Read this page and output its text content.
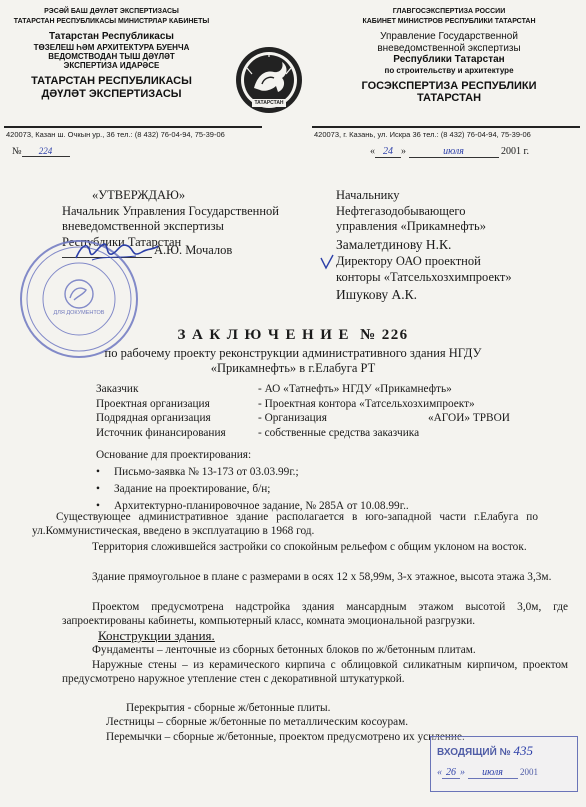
РЭСӘЙ БАШ ДӘҮЛӘТ ЭКСПЕРТИЗАСЫ
ТАТАРСТАН РЕСПУБЛИКАСЫ МИНИСТРЛАР КАБИНЕТЫ
Татарстан Республикасы
ТӨЗЕЛЕШ ҺӘМ АРХИТЕКТУРА БУЕНЧА
ВЕДОМСТВОДАН ТЫШ ДӘҮЛӘТ
ЭКСПЕРТИЗА ИДАРӘСЕ
ТАТАРСТАН РЕСПУБЛИКАСЫ
ДӘҮЛӘТ ЭКСПЕРТИЗАСЫ
ТАТАРСТАН
ГЛАВГОСЭКСПЕРТИЗА РОССИИ
КАБИНЕТ МИНИСТРОВ РЕСПУБЛИКИ ТАТАРСТАН
Управление Государственной
вневедомственной экспертизы
Республики Татарстан
по строительству и архитектуре
ГОСЭКСПЕРТИЗА РЕСПУБЛИКИ
ТАТАРСТАН
420073, Казан ш. Очкын ур., 36 тел.: (8 432) 76-04-94, 75-39-06	420073, г. Казань, ул. Искра 36 тел.: (8 432) 76-04-94, 75-39-06
№ 224	« 24 »	июля	2001 г.
«УТВЕРЖДАЮ»
Начальник Управления Государственной
вневедомственной экспертизы
Республики Татарстан
А.Ю. Мочалов
ДЛЯ ДОКУМЕНТОВ
Начальнику
Нефтегазодобывающего
управления «Прикамнефть»
Замалетдинову Н.К.
Директору ОАО проектной
конторы «Татсельхозхимпроект»
Ишукову А.К.
З А К Л Ю Ч Е Н И Е  № 226
по рабочему проекту реконструкции административного здания НГДУ
«Прикамнефть» в г.Елабуга РТ
Заказчик	- АО «Татнефть» НГДУ «Прикамнефть»
Проектная организация	- Проектная контора «Татсельхозхимпроект»
Подрядная организация	- Организация	«АГОИ» ТРВОИ
Источник финансирования	- собственные средства заказчика
Основание для проектирования:
• Письмо-заявка № 13-173 от 03.03.99г.;
• Задание на проектирование, б/н;
• Архитектурно-планировочное задание, № 285А от 10.08.99г..
Существующее административное здание располагается в юго-западной части г.Елабуга по ул.Коммунистическая, введено в эксплуатацию в 1968 год.
Территория сложившейся застройки со спокойным рельефом с общим уклоном на восток.
Здание прямоугольное в плане с размерами в осях 12 х 58,99м, 3-х этажное, высота этажа 3,3м.
Проектом предусмотрена надстройка здания мансардным этажом высотой 3,0м, где запроектированы кабинеты, компьютерный класс, комната эмоциональной разгрузки.
Конструкции здания.
Фундаменты – ленточные из сборных бетонных блоков по ж/бетонным плитам.
Наружные стены – из керамического кирпича с облицовкой силикатным кирпичом, проектом предусмотрено наружное утепление стен с декоративной штукатуркой.
Перекрытия - сборные ж/бетонные плиты.
Лестницы – сборные ж/бетонные по металлическим косоурам.
Перемычки – сборные ж/бетонные, проектом предусмотрено их усиление.
ВХОДЯЩИЙ № 435
« 26 » июля 2001
